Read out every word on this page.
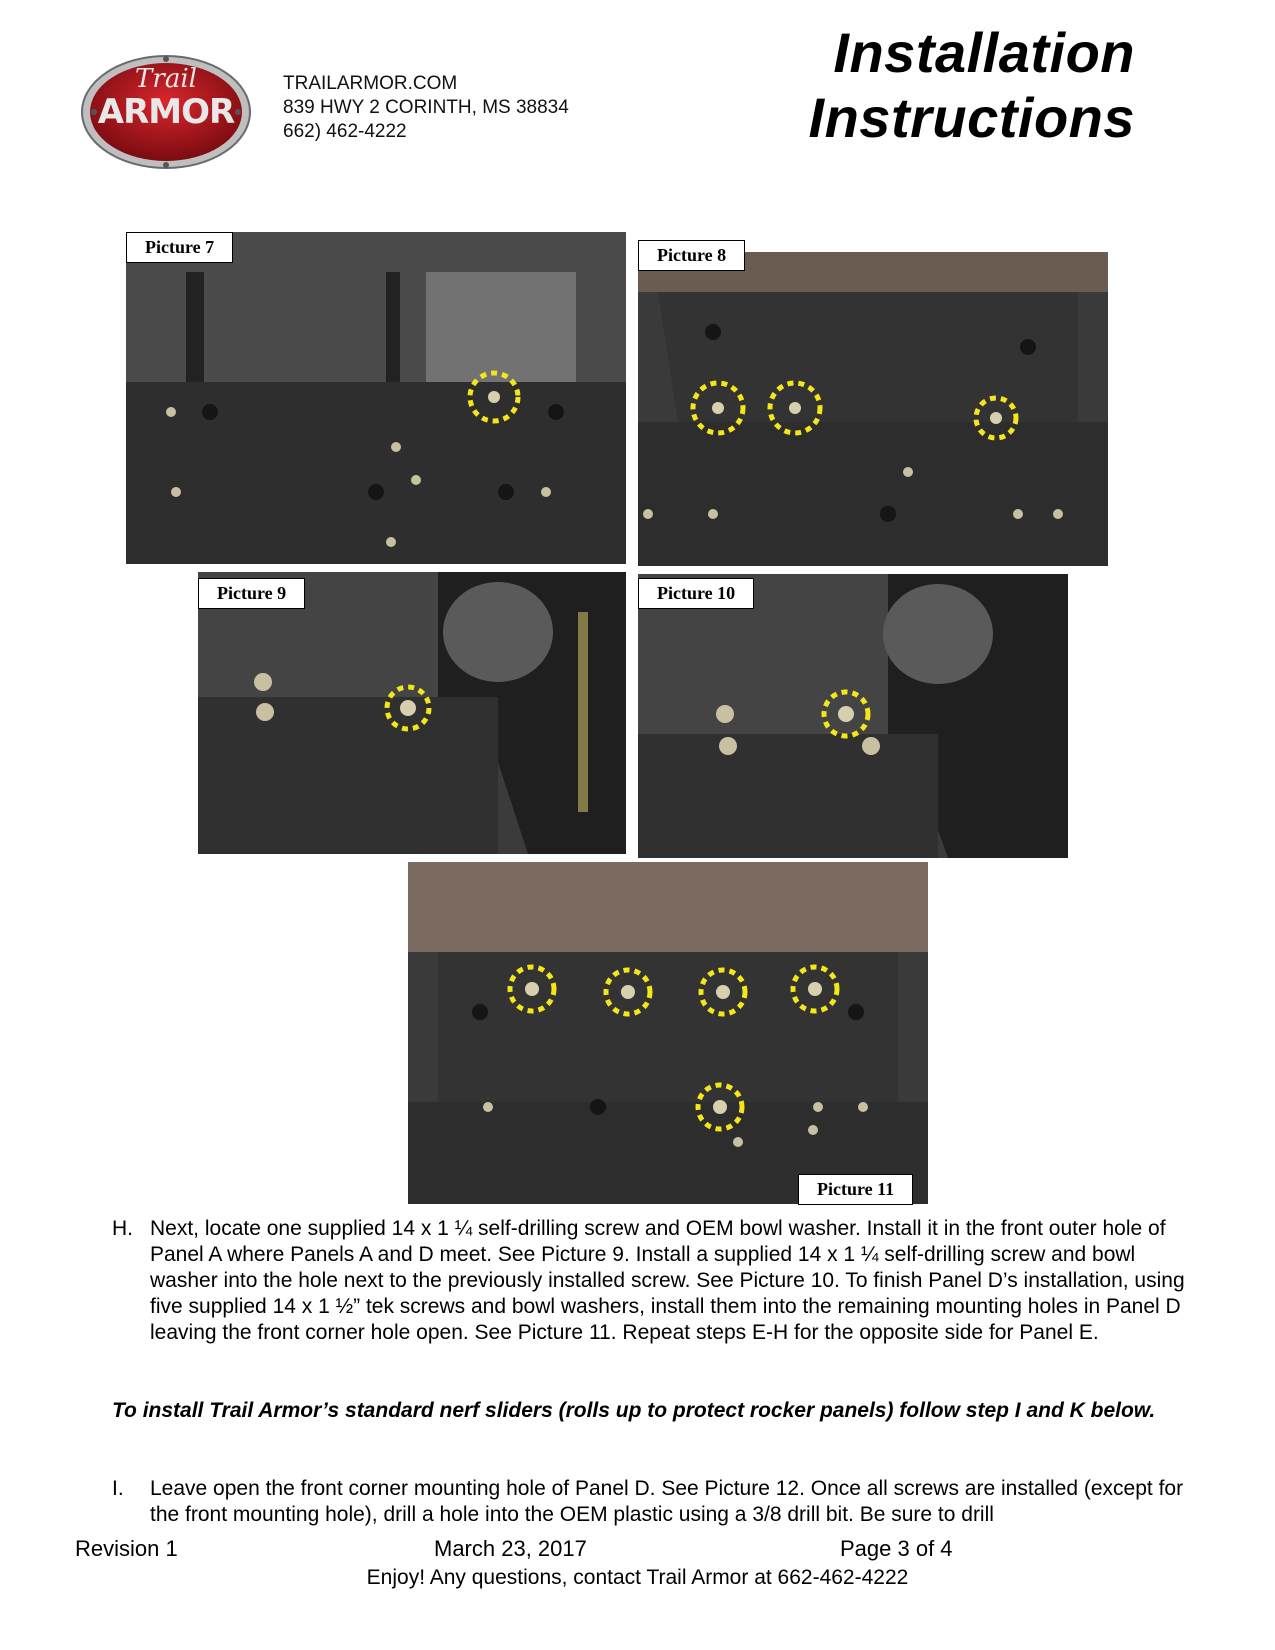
Trail
ARMOR
TRAILARMOR.COM
839 HWY 2 CORINTH, MS 38834
662) 462-4222
Installation
Instructions
Picture 7	Picture 8
Picture 9	Picture 10
Picture 11
H. Next, locate one supplied 14 x 1 ¼ self-drilling screw and OEM bowl washer. Install it in the front outer hole of Panel A where Panels A and D meet. See Picture 9. Install a supplied 14 x 1 ¼ self-drilling screw and bowl washer into the hole next to the previously installed screw. See Picture 10. To finish Panel D’s installation, using five supplied 14 x 1 ½” tek screws and bowl washers, install them into the remaining mounting holes in Panel D leaving the front corner hole open. See Picture 11. Repeat steps E-H for the opposite side for Panel E.
To install Trail Armor’s standard nerf sliders (rolls up to protect rocker panels) follow step I and K below.
I. Leave open the front corner mounting hole of Panel D. See Picture 12. Once all screws are installed (except for the front mounting hole), drill a hole into the OEM plastic using a 3/8 drill bit. Be sure to drill
Revision 1	March 23, 2017	Page 3 of 4
Enjoy! Any questions, contact Trail Armor at 662-462-4222
